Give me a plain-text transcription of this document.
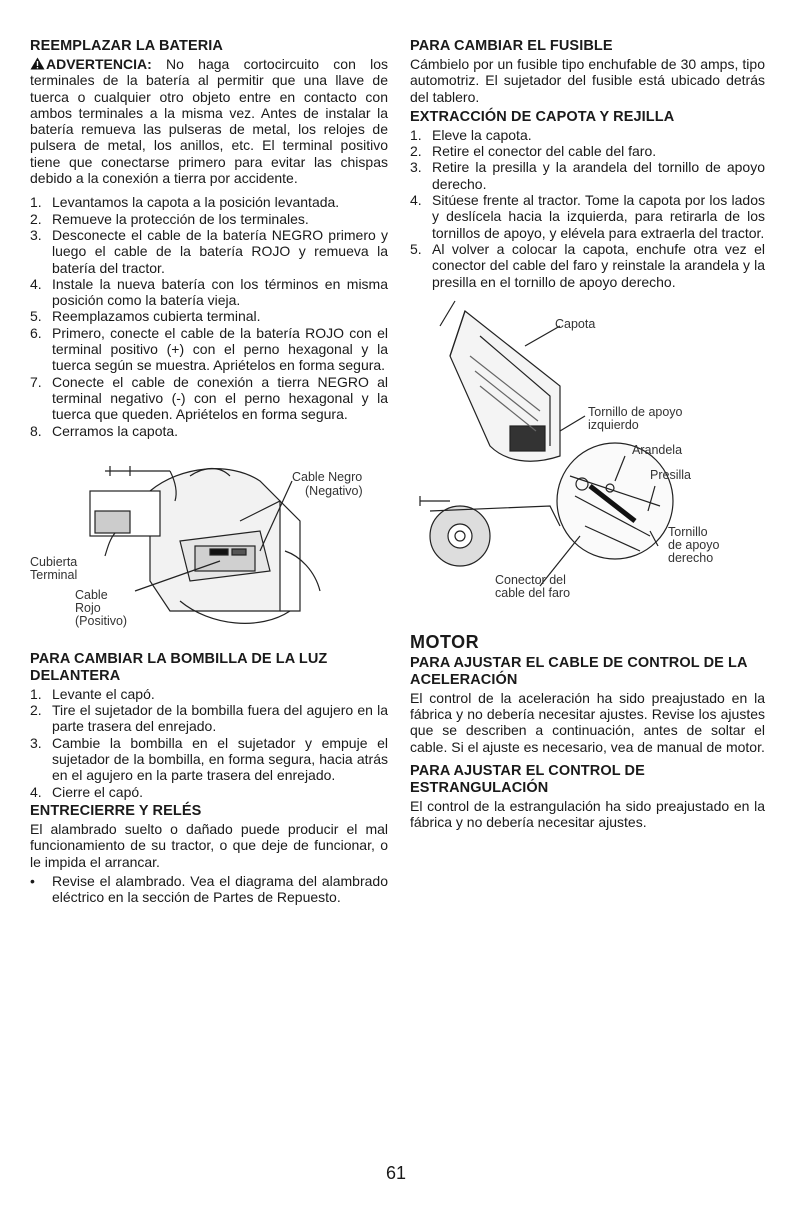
REEMPLAZAR LA BATERIA

ADVERTENCIA: No haga cortocircuito con los terminales de la batería al permitir que una llave de tuerca o cualquier otro objeto entre en contacto con ambos terminales a la misma vez. Antes de instalar la batería remueva las pulseras de metal, los relojes de pulsera de metal, los anillos, etc. El terminal positivo tiene que conectarse primero para evitar las chispas debido a la conexión a tierra por accidente.

1. Levantamos la capota a la posición levantada.
2. Remueve la protección de los terminales.
3. Desconecte el cable de la batería NEGRO primero y luego el cable de la batería ROJO y remueva la batería del tractor.
4. Instale la nueva batería con los términos en misma posición como la batería vieja.
5. Reemplazamos cubierta terminal.
6. Primero, conecte el cable de la batería ROJO con el terminal positivo (+) con el perno hexagonal y la tuerca según se muestra. Apriételos en forma segura.
7. Conecte el cable de conexión a tierra NEGRO al terminal negativo (-) con el perno hexagonal y la tuerca que queden. Apriételos en forma segura.
8. Cerramos la capota.
Cable Negro
(Negativo)
Cubierta
Terminal
Cable
Rojo
(Positivo)
PARA CAMBIAR LA BOMBILLA DE LA LUZ DELANTERA
1. Levante el capó.
2. Tire el sujetador de la bombilla fuera del agujero en la parte trasera del enrejado.
3. Cambie la bombilla en el sujetador y empuje el sujetador de la bombilla, en forma segura, hacia atrás en el agujero en la parte trasera del enrejado.
4. Cierre el capó.
ENTRECIERRE Y RELÉS

El alambrado suelto o dañado puede producir el mal funcionamiento de su tractor, o que deje de funcionar, o le impida el arrancar.

• Revise el alambrado. Vea el diagrama del alambrado eléctrico en la sección de Partes de Repuesto.
PARA CAMBIAR EL FUSIBLE

Cámbielo por un fusible tipo enchufable de 30 amps, tipo automotriz. El sujetador del fusible está ubicado detrás del tablero.

EXTRACCIÓN DE CAPOTA Y REJILLA
1. Eleve la capota.
2. Retire el conector del cable del faro.
3. Retire la presilla y la arandela del tornillo de apoyo derecho.
4. Sitúese frente al tractor. Tome la capota por los lados y deslícela hacia la izquierda, para retirarla de los tornillos de apoyo, y elévela para extraerla del tractor.
5. Al volver a colocar la capota, enchufe otra vez el conector del cable del faro y reinstale la arandela y la presilla en el tornillo de apoyo derecho.
Capota
Tornillo de apoyo
izquierdo
Arandela
Presilla
Tornillo
de apoyo
derecho
Conector del
cable del faro
MOTOR
PARA AJUSTAR EL CABLE DE CONTROL DE LA ACELERACIÓN

El control de la aceleración ha sido preajustado en la fábrica y no debería necesitar ajustes. Revise los ajustes que se describen a continuación, antes de soltar el cable. Si el ajuste es necesario, vea de manual de motor.

PARA AJUSTAR EL CONTROL DE ESTRANGULACIÓN

El control de la estrangulación ha sido preajustado en la fábrica y no debería necesitar ajustes.

61
